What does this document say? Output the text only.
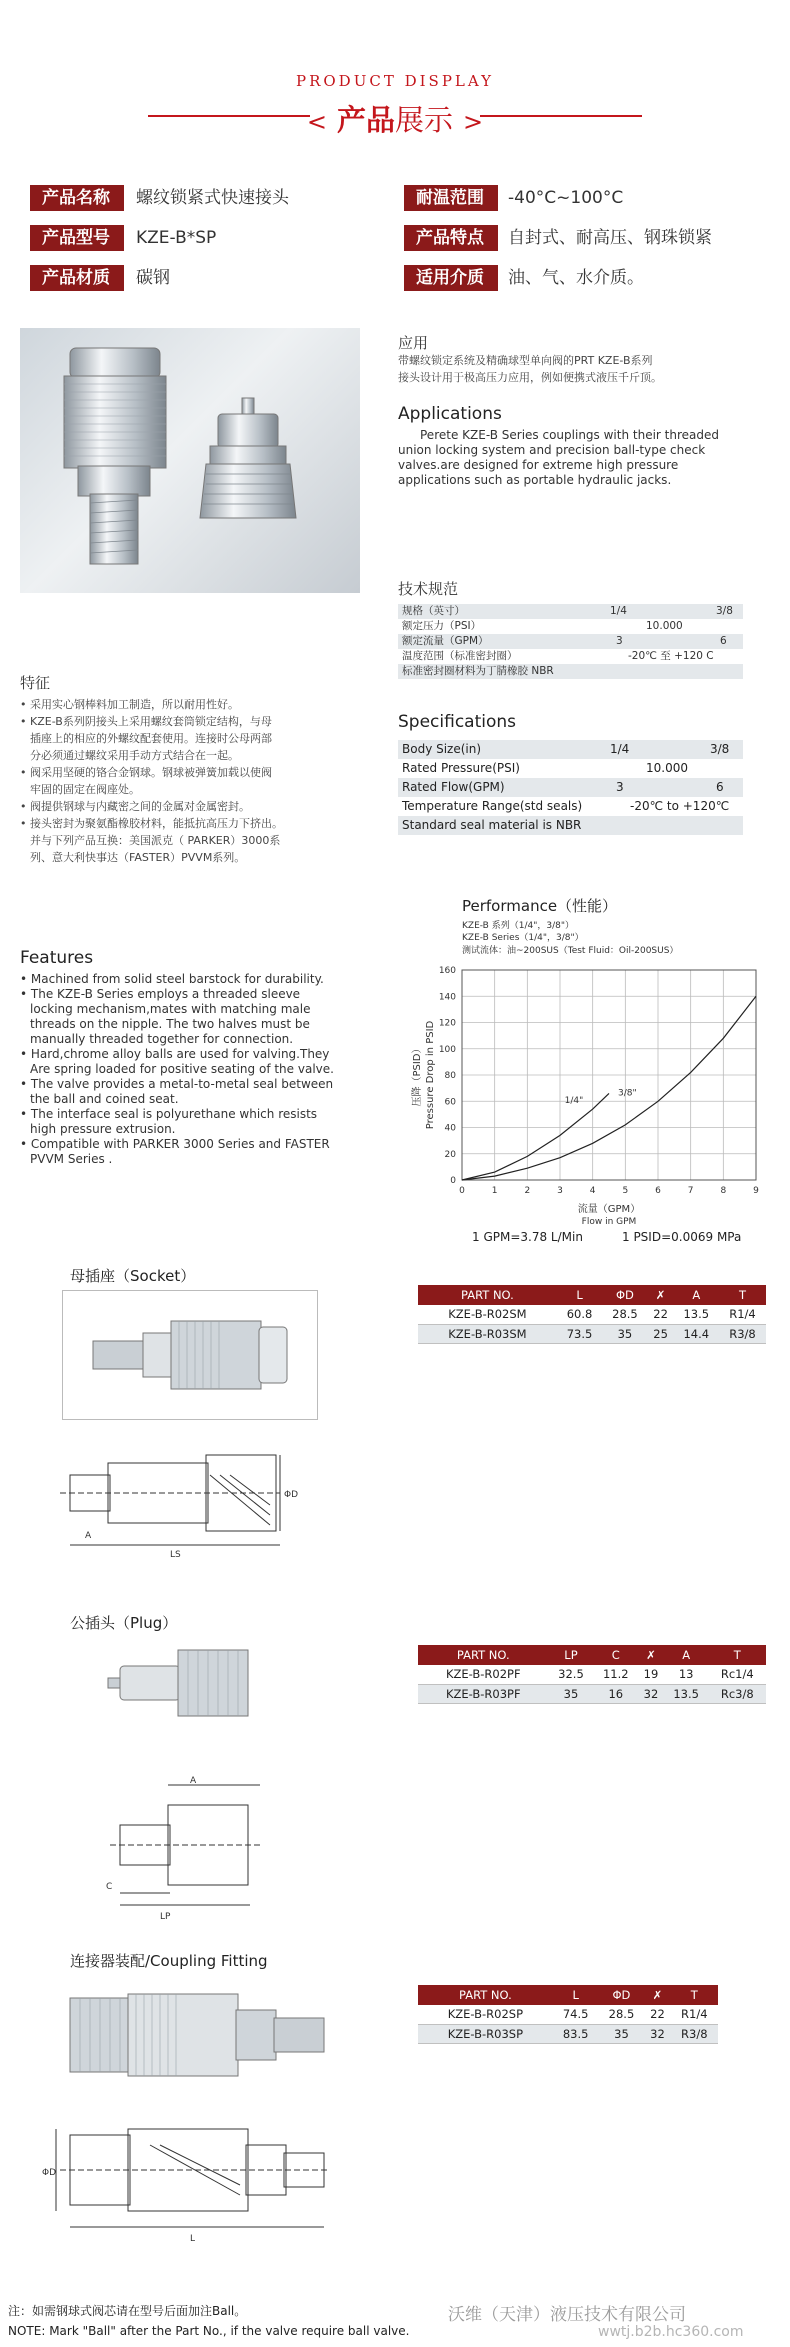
PRODUCT DISPLAY
< 产品展示 >
产品名称	螺纹锁紧式快速接头	耐温范围	-40°C~100°C
产品型号	KZE-B*SP	产品特点	自封式、耐高压、钢珠锁紧
产品材质	碳钢	适用介质	油、气、水介质。
应用
带螺纹锁定系统及精确球型单向阀的PRT KZE-B系列
接头设计用于极高压力应用，例如便携式液压千斤顶。
Applications
Perete KZE-B Series couplings with their threaded
union locking system and precision ball-type check
valves.are designed for extreme high pressure
applications such as portable hydraulic jacks.
技术规范
规格（英寸）	1/4	3/8
额定压力（PSI）	10.000
额定流量（GPM）	3	6
温度范围（标准密封圈）	-20℃ 至 +120 C
标准密封圈材料为丁腈橡胶 NBR
Specifications
Body Size(in)	1/4	3/8
Rated Pressure(PSI)	10.000
Rated Flow(GPM)	3	6
Temperature Range(std seals)	-20℃ to +120℃
Standard seal material is NBR
特征
• 采用实心钢棒料加工制造，所以耐用性好。
• KZE-B系列阴接头上采用螺纹套筒锁定结构，与母
插座上的相应的外螺纹配套使用。连接时公母两部
分必须通过螺纹采用手动方式结合在一起。
• 阀采用坚硬的铬合金钢球。钢球被弹簧加载以使阀
牢固的固定在阀座处。
• 阀提供钢球与内藏密之间的金属对金属密封。
• 接头密封为聚氨酯橡胶材料，能抵抗高压力下挤出。
并与下列产品互换：美国派克（ PARKER）3000系
列、意大利快事达（FASTER）PVVM系列。
Features
• Machined from solid steel barstock for durability.
• The KZE-B Series employs a threaded sleeve
locking mechanism,mates with matching male
threads on the nipple. The two halves must be
manually threaded together for connection.
• Hard,chrome alloy balls are used for valving.They
Are spring loaded for positive seating of the valve.
• The valve provides a metal-to-metal seal between
the ball and coined seat.
• The interface seal is polyurethane which resists
high pressure extrusion.
• Compatible with PARKER 3000 Series and FASTER
PVVM Series .
Performance（性能）
KZE-B 系列（1/4"，3/8"）
KZE-B Series（1/4"，3/8"）
测试流体：油~200SUS（Test Fluid：Oil-200SUS）
0
20
40
60
80
100
120
140
160
0	1	2	3	4	5	6	7	8	9
1/4"
3/8"
流量（GPM）
Flow in GPM
压降（PSID） Pressure Drop in PSID
1 GPM=3.78 L/Min	1 PSID=0.0069 MPa
母插座（Socket）
PART NO.	L	ΦD	✗	A	T
KZE-B-R02SM	60.8	28.5	22	13.5	R1/4
KZE-B-R03SM	73.5	35	25	14.4	R3/8
A
LS
ΦD
公插头（Plug）
PART NO.	LP	C	✗	A	T
KZE-B-R02PF	32.5	11.2	19	13	Rc1/4
KZE-B-R03PF	35	16	32	13.5	Rc3/8
A
C
LP
连接器装配/Coupling Fitting
PART NO.	L	ΦD	✗	T
KZE-B-R02SP	74.5	28.5	22	R1/4
KZE-B-R03SP	83.5	35	32	R3/8
ΦD
L
注：如需钢球式阀芯请在型号后面加注Ball。
NOTE: Mark "Ball" after the Part No., if the valve require ball valve.
沃维（天津）液压技术有限公司
wwtj.b2b.hc360.com
